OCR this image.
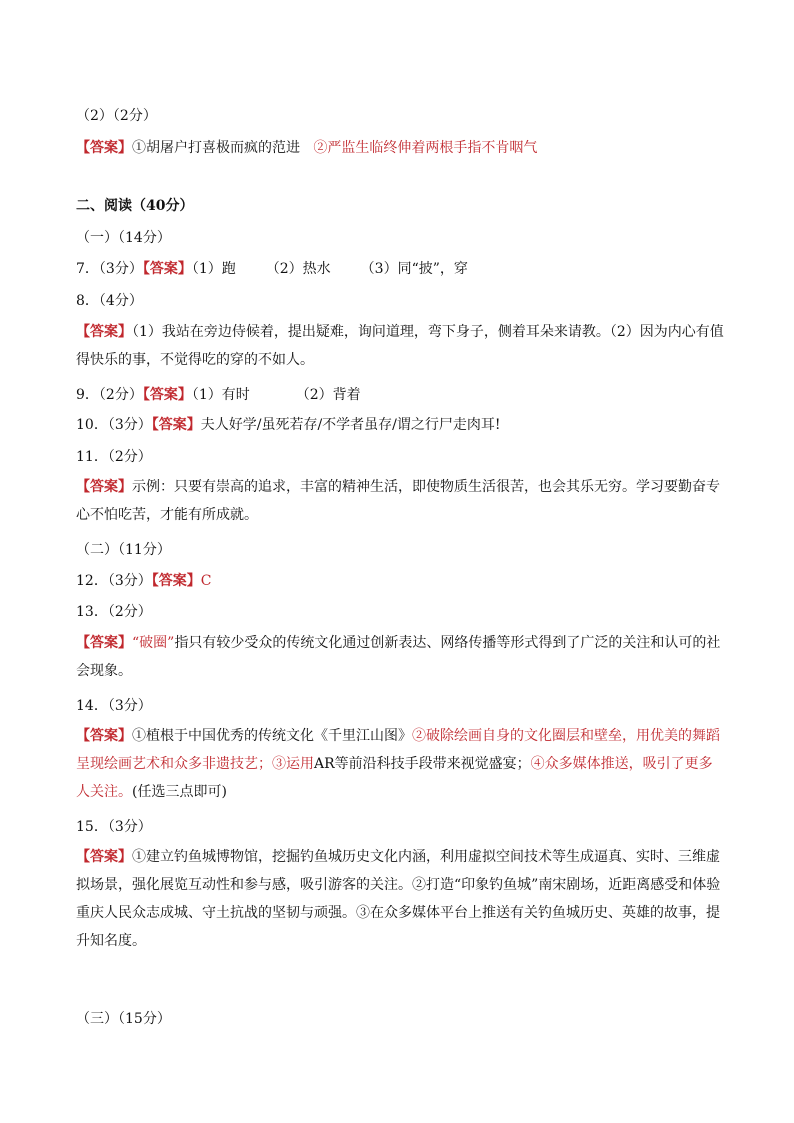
（2）（2分）
【答案】①胡屠户打喜极而疯的范进 ②严监生临终伸着两根手指不肯咽气
二、阅读（40分）
（一）（14分）
7．（3分）【答案】（1）跑 （2）热水 （3）同“披”，穿
8．（4分）
【答案】（1）我站在旁边侍候着，提出疑难，询问道理，弯下身子，侧着耳朵来请教。（2）因为内心有值得快乐的事，不觉得吃的穿的不如人。
9．（2分）【答案】（1）有时	（2）背着
10．（3分）【答案】夫人好学/虽死若存/不学者虽存/谓之行尸走肉耳!
11．（2分）
【答案】示例：只要有崇高的追求，丰富的精神生活，即使物质生活很苦，也会其乐无穷。学习要勤奋专心不怕吃苦，才能有所成就。
（二）（11分）
12．（3分）【答案】C
13．（2分）
【答案】“破圈”指只有较少受众的传统文化通过创新表达、网络传播等形式得到了广泛的关注和认可的社会现象。
14．（3分）
【答案】①植根于中国优秀的传统文化《千里江山图》②破除绘画自身的文化圈层和壁垒，用优美的舞蹈呈现绘画艺术和众多非遗技艺；③运用AR等前沿科技手段带来视觉盛宴；④众多媒体推送，吸引了更多人关注。(任选三点即可)
15．（3分）
【答案】①建立钓鱼城博物馆，挖掘钓鱼城历史文化内涵，利用虚拟空间技术等生成逼真、实时、三维虚拟场景，强化展览互动性和参与感，吸引游客的关注。②打造“印象钓鱼城”南宋剧场，近距离感受和体验重庆人民众志成城、守土抗战的坚韧与顽强。③在众多媒体平台上推送有关钓鱼城历史、英雄的故事，提升知名度。
（三）（15分）
